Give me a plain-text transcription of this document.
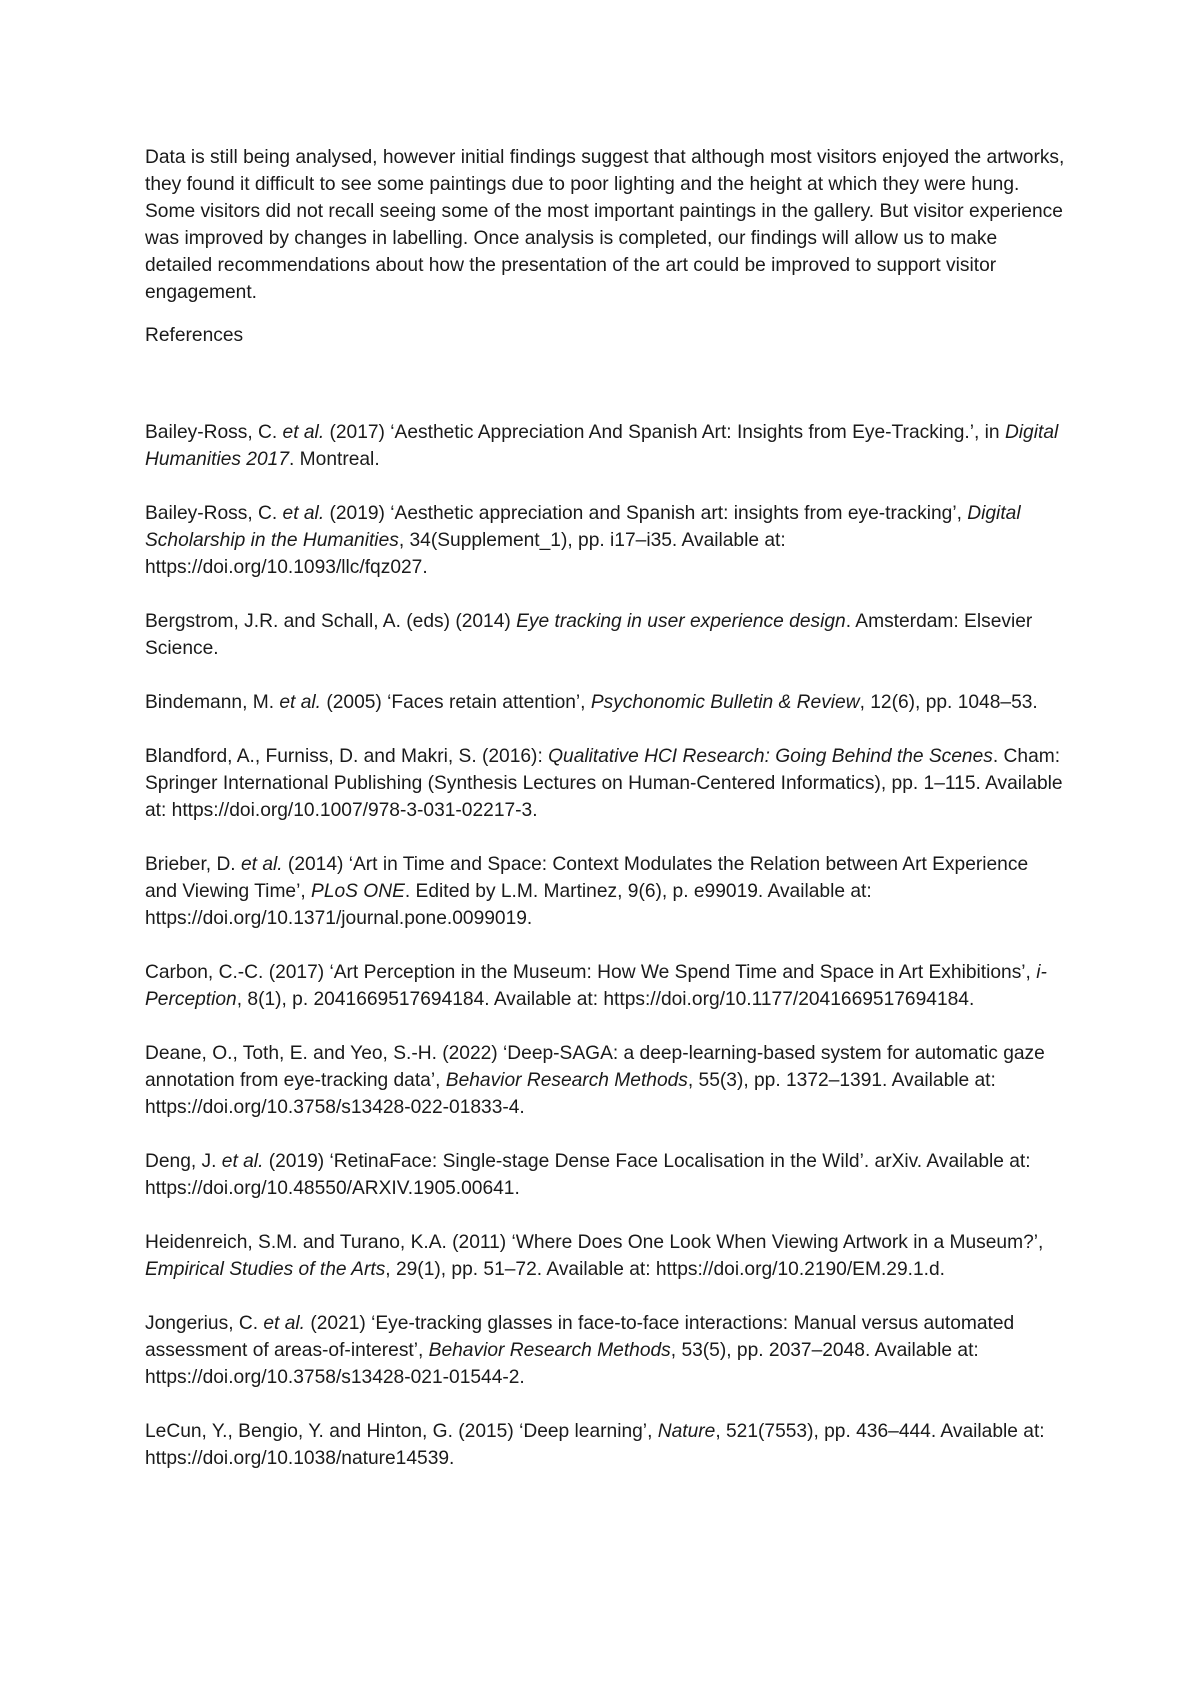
Data is still being analysed, however initial findings suggest that although most visitors enjoyed the artworks, they found it difficult to see some paintings due to poor lighting and the height at which they were hung. Some visitors did not recall seeing some of the most important paintings in the gallery. But visitor experience was improved by changes in labelling. Once analysis is completed, our findings will allow us to make detailed recommendations about how the presentation of the art could be improved to support visitor engagement.

References

Bailey-Ross, C. et al. (2017) ‘Aesthetic Appreciation And Spanish Art: Insights from Eye-Tracking.’, in Digital Humanities 2017. Montreal.

Bailey-Ross, C. et al. (2019) ‘Aesthetic appreciation and Spanish art: insights from eye-tracking’, Digital Scholarship in the Humanities, 34(Supplement_1), pp. i17–i35. Available at: https://doi.org/10.1093/llc/fqz027.

Bergstrom, J.R. and Schall, A. (eds) (2014) Eye tracking in user experience design. Amsterdam: Elsevier Science.

Bindemann, M. et al. (2005) ‘Faces retain attention’, Psychonomic Bulletin & Review, 12(6), pp. 1048–53.

Blandford, A., Furniss, D. and Makri, S. (2016): Qualitative HCI Research: Going Behind the Scenes. Cham: Springer International Publishing (Synthesis Lectures on Human-Centered Informatics), pp. 1–115. Available at: https://doi.org/10.1007/978-3-031-02217-3.

Brieber, D. et al. (2014) ‘Art in Time and Space: Context Modulates the Relation between Art Experience and Viewing Time’, PLoS ONE. Edited by L.M. Martinez, 9(6), p. e99019. Available at: https://doi.org/10.1371/journal.pone.0099019.

Carbon, C.-C. (2017) ‘Art Perception in the Museum: How We Spend Time and Space in Art Exhibitions’, i-Perception, 8(1), p. 2041669517694184. Available at: https://doi.org/10.1177/2041669517694184.

Deane, O., Toth, E. and Yeo, S.-H. (2022) ‘Deep-SAGA: a deep-learning-based system for automatic gaze annotation from eye-tracking data’, Behavior Research Methods, 55(3), pp. 1372–1391. Available at: https://doi.org/10.3758/s13428-022-01833-4.

Deng, J. et al. (2019) ‘RetinaFace: Single-stage Dense Face Localisation in the Wild’. arXiv. Available at: https://doi.org/10.48550/ARXIV.1905.00641.

Heidenreich, S.M. and Turano, K.A. (2011) ‘Where Does One Look When Viewing Artwork in a Museum?’, Empirical Studies of the Arts, 29(1), pp. 51–72. Available at: https://doi.org/10.2190/EM.29.1.d.

Jongerius, C. et al. (2021) ‘Eye-tracking glasses in face-to-face interactions: Manual versus automated assessment of areas-of-interest’, Behavior Research Methods, 53(5), pp. 2037–2048. Available at: https://doi.org/10.3758/s13428-021-01544-2.

LeCun, Y., Bengio, Y. and Hinton, G. (2015) ‘Deep learning’, Nature, 521(7553), pp. 436–444. Available at: https://doi.org/10.1038/nature14539.
